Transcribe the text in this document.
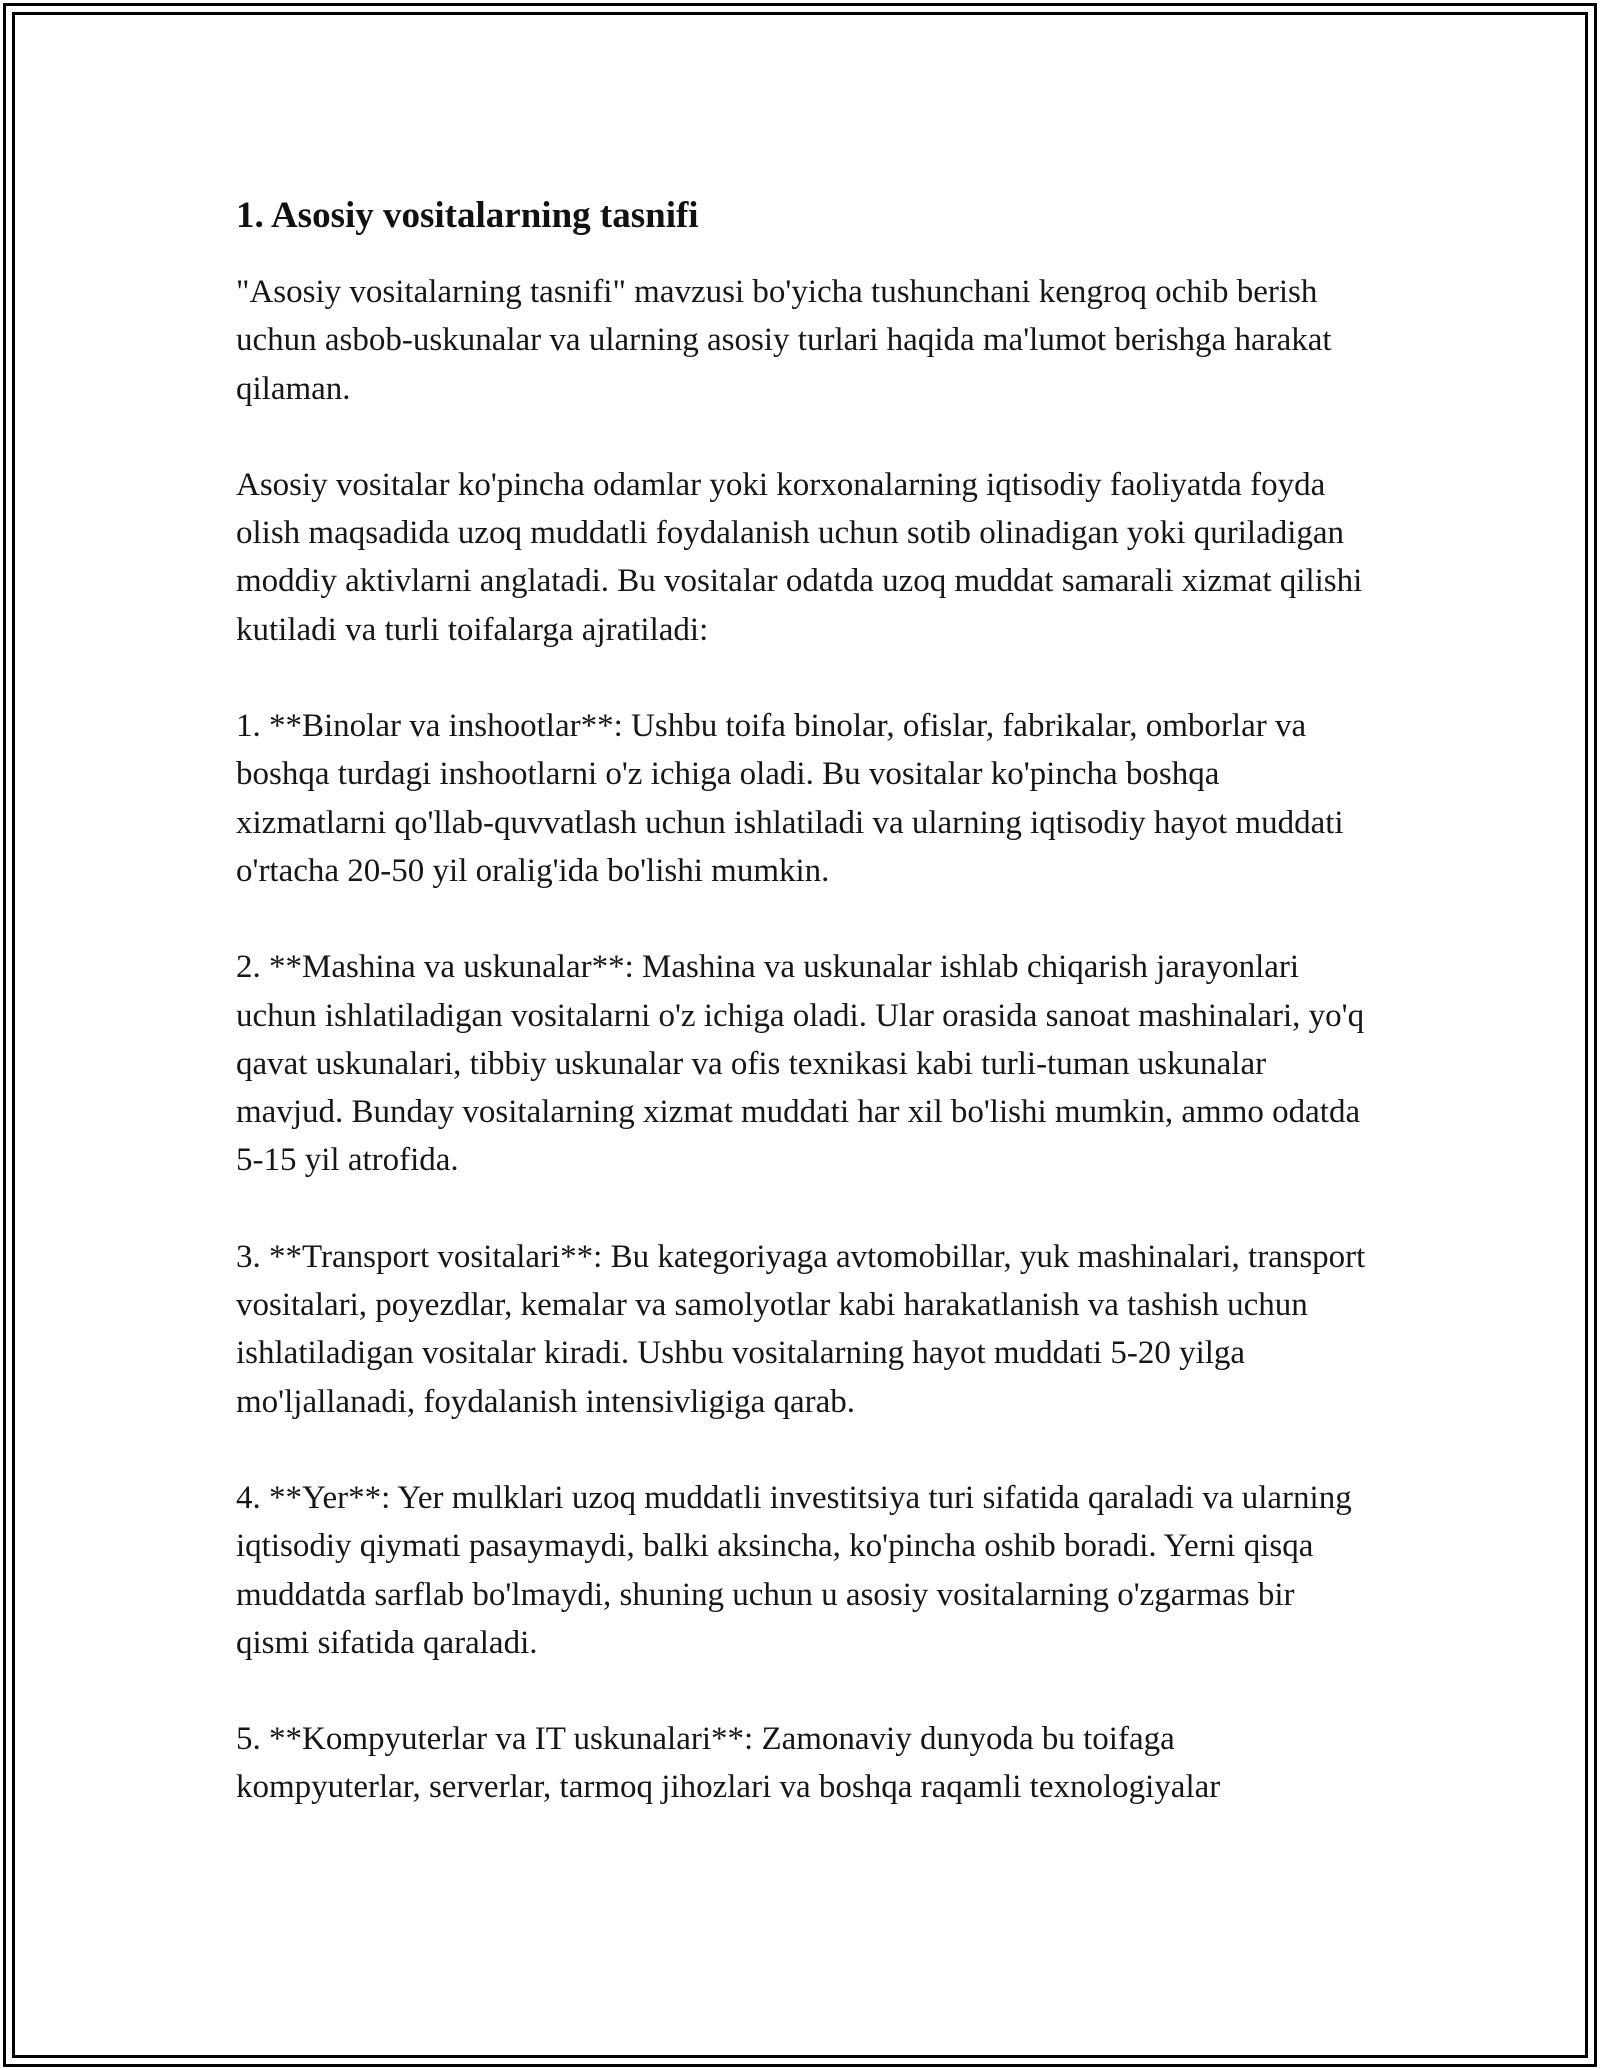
1. Asosiy vositalarning tasnifi

"Asosiy vositalarning tasnifi" mavzusi bo'yicha tushunchani kengroq ochib berish uchun asbob-uskunalar va ularning asosiy turlari haqida ma'lumot berishga harakat qilaman.

Asosiy vositalar ko'pincha odamlar yoki korxonalarning iqtisodiy faoliyatda foyda olish maqsadida uzoq muddatli foydalanish uchun sotib olinadigan yoki quriladigan moddiy aktivlarni anglatadi. Bu vositalar odatda uzoq muddat samarali xizmat qilishi kutiladi va turli toifalarga ajratiladi:

1. **Binolar va inshootlar**: Ushbu toifa binolar, ofislar, fabrikalar, omborlar va boshqa turdagi inshootlarni o'z ichiga oladi. Bu vositalar ko'pincha boshqa xizmatlarni qo'llab-quvvatlash uchun ishlatiladi va ularning iqtisodiy hayot muddati o'rtacha 20-50 yil oralig'ida bo'lishi mumkin.

2. **Mashina va uskunalar**: Mashina va uskunalar ishlab chiqarish jarayonlari uchun ishlatiladigan vositalarni o'z ichiga oladi. Ular orasida sanoat mashinalari, yo'q qavat uskunalari, tibbiy uskunalar va ofis texnikasi kabi turli-tuman uskunalar mavjud. Bunday vositalarning xizmat muddati har xil bo'lishi mumkin, ammo odatda 5-15 yil atrofida.

3. **Transport vositalari**: Bu kategoriyaga avtomobillar, yuk mashinalari, transport vositalari, poyezdlar, kemalar va samolyotlar kabi harakatlanish va tashish uchun ishlatiladigan vositalar kiradi. Ushbu vositalarning hayot muddati 5-20 yilga mo'ljallanadi, foydalanish intensivligiga qarab.

4. **Yer**: Yer mulklari uzoq muddatli investitsiya turi sifatida qaraladi va ularning iqtisodiy qiymati pasaymaydi, balki aksincha, ko'pincha oshib boradi. Yerni qisqa muddatda sarflab bo'lmaydi, shuning uchun u asosiy vositalarning o'zgarmas bir qismi sifatida qaraladi.

5. **Kompyuterlar va IT uskunalari**: Zamonaviy dunyoda bu toifaga kompyuterlar, serverlar, tarmoq jihozlari va boshqa raqamli texnologiyalar
